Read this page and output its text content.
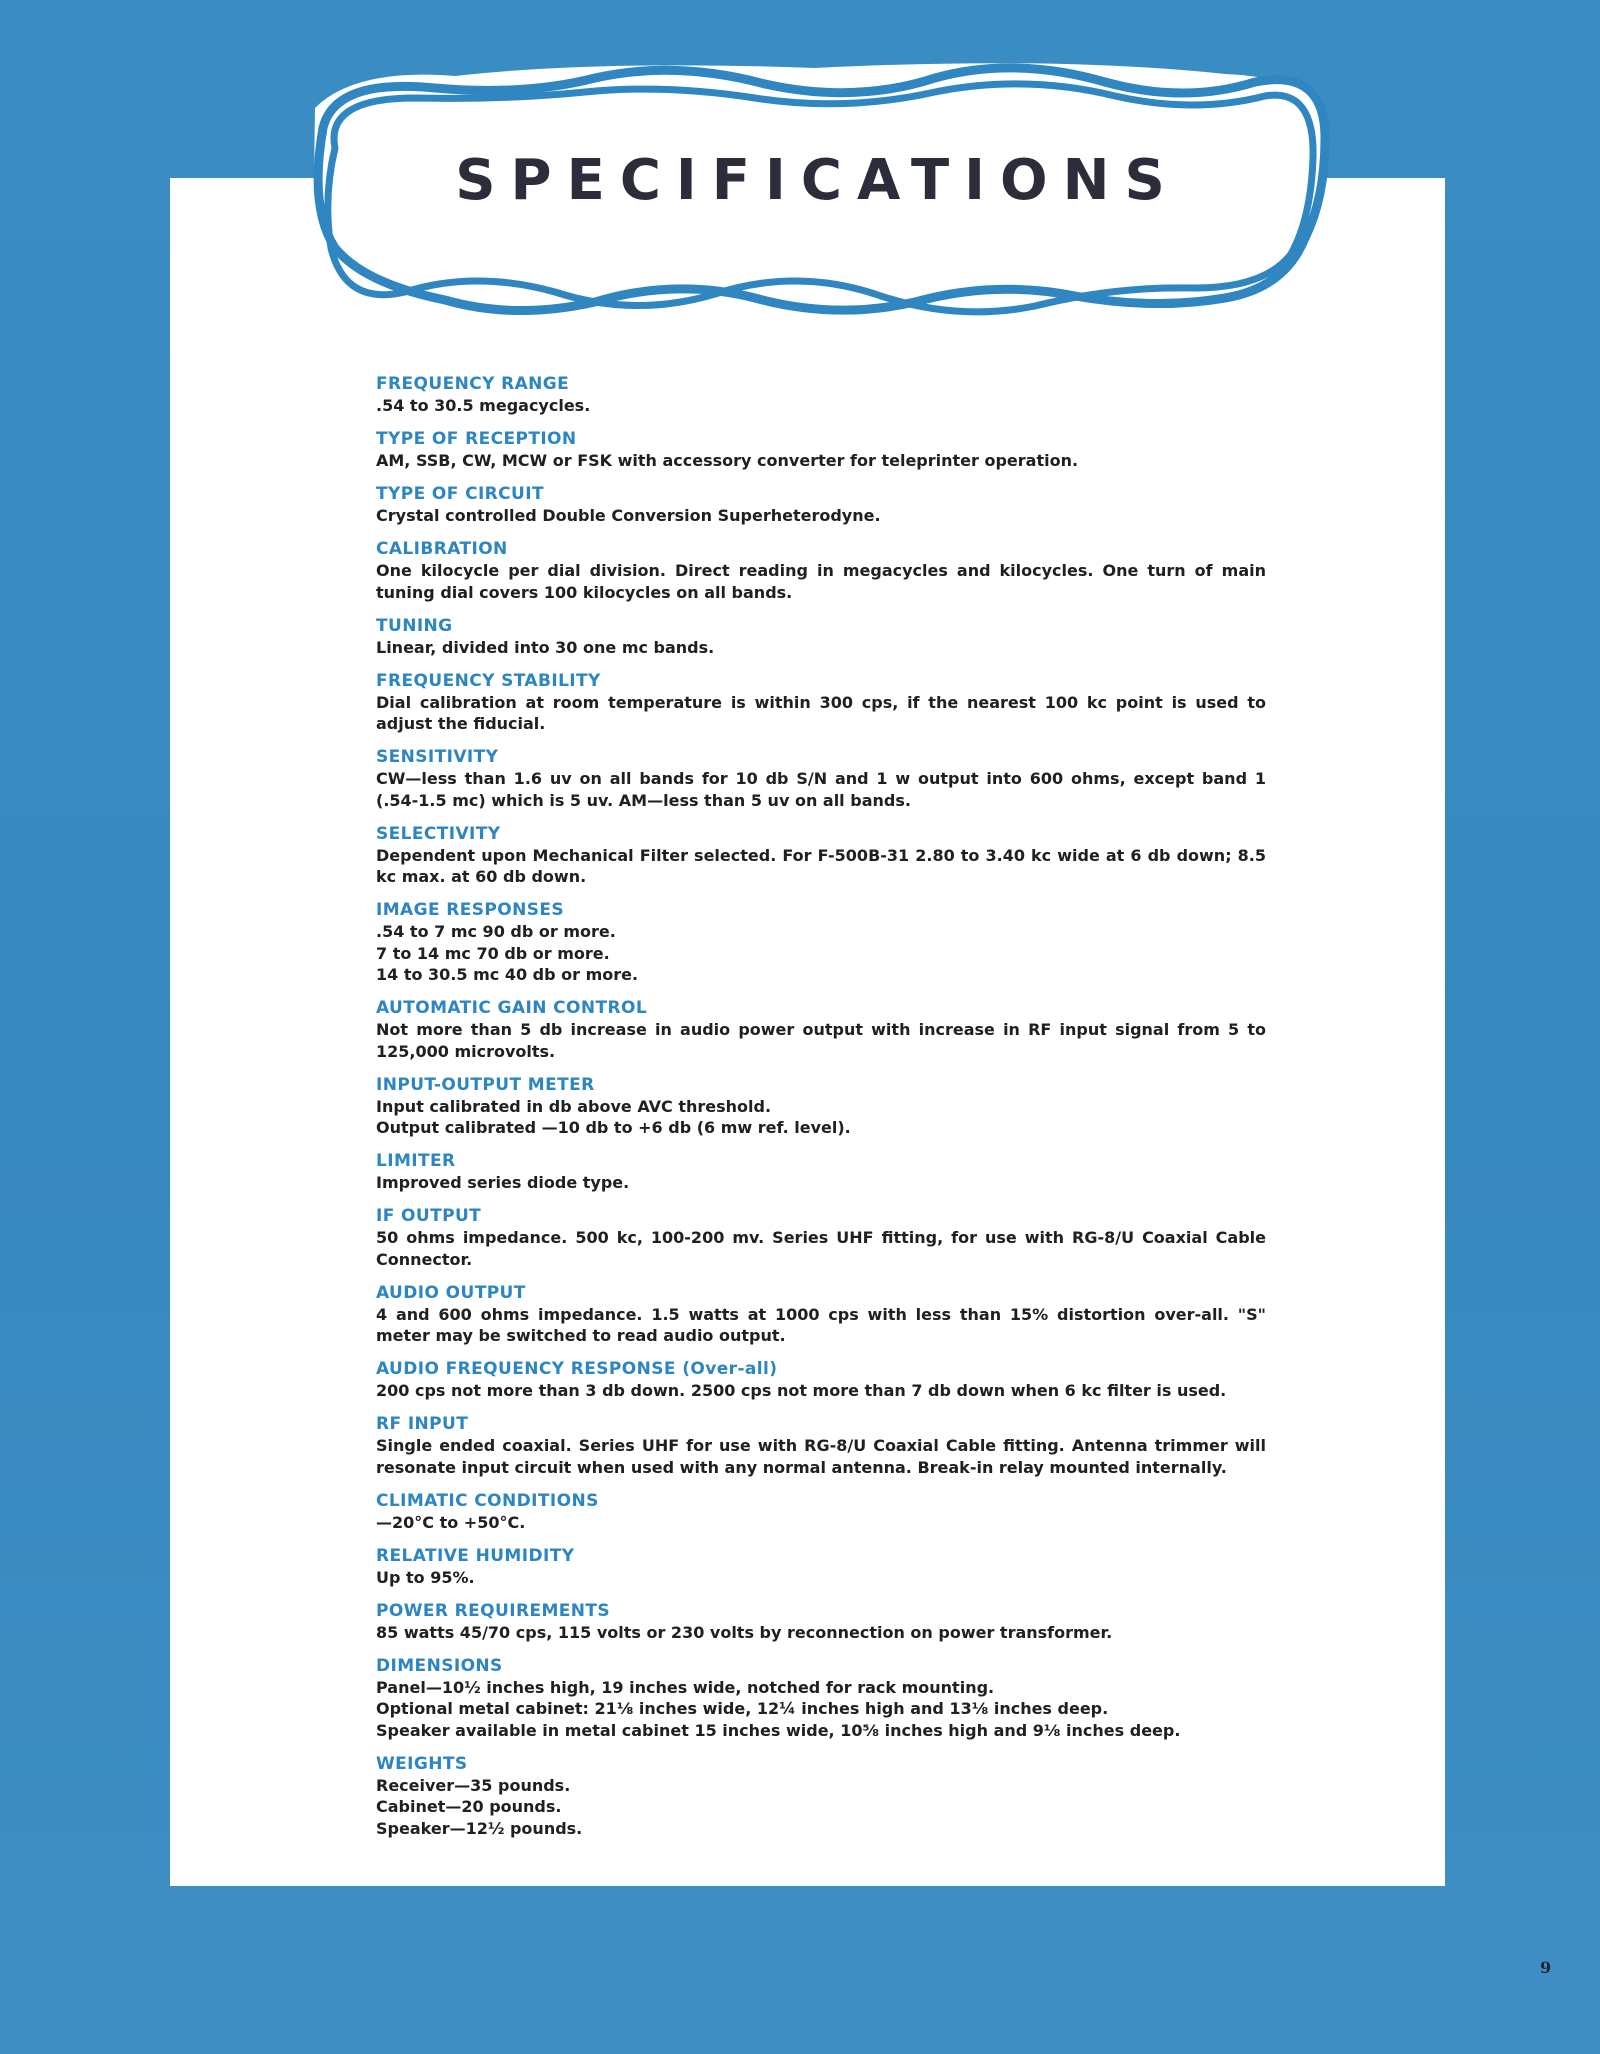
SPECIFICATIONS
FREQUENCY RANGE
.54 to 30.5 megacycles.
TYPE OF RECEPTION
AM, SSB, CW, MCW or FSK with accessory converter for teleprinter operation.
TYPE OF CIRCUIT
Crystal controlled Double Conversion Superheterodyne.
CALIBRATION
One kilocycle per dial division. Direct reading in megacycles and kilocycles. One turn of main tuning dial covers 100 kilocycles on all bands.
TUNING
Linear, divided into 30 one mc bands.
FREQUENCY STABILITY
Dial calibration at room temperature is within 300 cps, if the nearest 100 kc point is used to adjust the fiducial.
SENSITIVITY
CW—less than 1.6 uv on all bands for 10 db S/N and 1 w output into 600 ohms, except band 1 (.54-1.5 mc) which is 5 uv. AM—less than 5 uv on all bands.
SELECTIVITY
Dependent upon Mechanical Filter selected. For F-500B-31 2.80 to 3.40 kc wide at 6 db down; 8.5 kc max. at 60 db down.
IMAGE RESPONSES
.54 to 7 mc 90 db or more.
7 to 14 mc 70 db or more.
14 to 30.5 mc 40 db or more.
AUTOMATIC GAIN CONTROL
Not more than 5 db increase in audio power output with increase in RF input signal from 5 to 125,000 microvolts.
INPUT-OUTPUT METER
Input calibrated in db above AVC threshold.
Output calibrated —10 db to +6 db (6 mw ref. level).
LIMITER
Improved series diode type.
IF OUTPUT
50 ohms impedance. 500 kc, 100-200 mv. Series UHF fitting, for use with RG-8/U Coaxial Cable Connector.
AUDIO OUTPUT
4 and 600 ohms impedance. 1.5 watts at 1000 cps with less than 15% distortion over-all. "S" meter may be switched to read audio output.
AUDIO FREQUENCY RESPONSE (Over-all)
200 cps not more than 3 db down. 2500 cps not more than 7 db down when 6 kc filter is used.
RF INPUT
Single ended coaxial. Series UHF for use with RG-8/U Coaxial Cable fitting. Antenna trimmer will resonate input circuit when used with any normal antenna. Break-in relay mounted internally.
CLIMATIC CONDITIONS
—20°C to +50°C.
RELATIVE HUMIDITY
Up to 95%.
POWER REQUIREMENTS
85 watts 45/70 cps, 115 volts or 230 volts by reconnection on power transformer.
DIMENSIONS
Panel—10½ inches high, 19 inches wide, notched for rack mounting.
Optional metal cabinet: 21⅛ inches wide, 12¼ inches high and 13⅛ inches deep.
Speaker available in metal cabinet 15 inches wide, 10⅝ inches high and 9⅛ inches deep.
WEIGHTS
Receiver—35 pounds.
Cabinet—20 pounds.
Speaker—12½ pounds.
9
